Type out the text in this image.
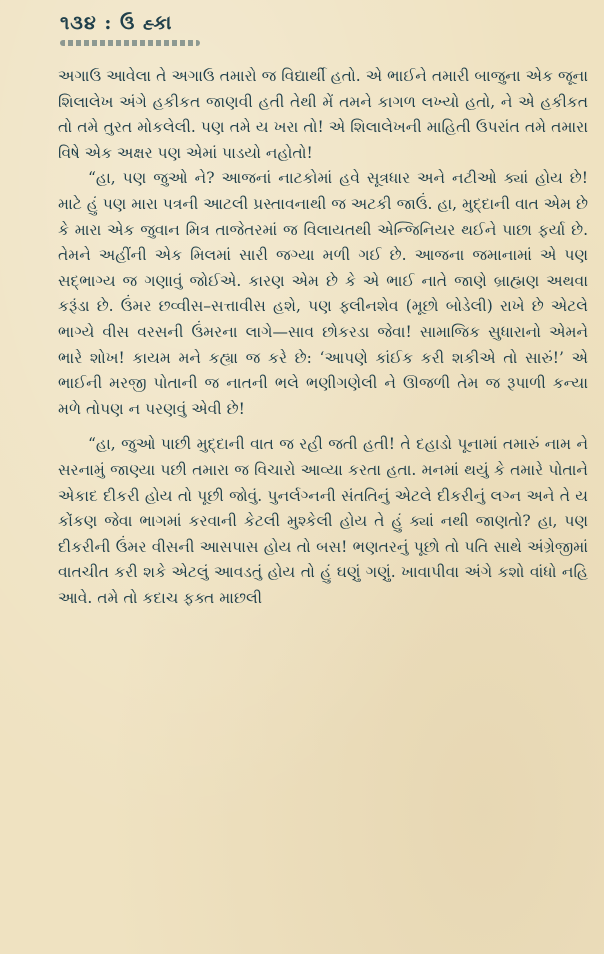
૧૩૪ : ઉ હ્કા

અગાઉ આવેલા તે અગાઉ તમારો જ વિદ્યાર્થી હતો. એ ભાઈને તમારી બાજુના એક જૂના શિલાલેખ અંગે હકીકત જાણવી હતી તેથી મેં તમને કાગળ લખ્યો હતો, ને એ હકીકત તો તમે તુરત મોકલેલી. પણ તમે ય ખરા તો! એ શિલાલેખની માહિતી ઉપરાંત તમે તમારા વિષે એક અક્ષર પણ એમાં પાડયો નહોતો!

“હા, પણ જુઓ ને? આજનાં નાટકોમાં હવે સૂત્રધાર અને નટીઓ ક્યાં હોય છે! માટે હું પણ મારા પત્રની આટલી પ્રસ્તાવનાથી જ અટકી જાઉં. હા, મુદ્દાની વાત એમ છે કે મારા એક જુવાન મિત્ર તાજેતરમાં જ વિલાયતથી એન્જિનિયર થઈને પાછા ફર્યા છે. તેમને અહીંની એક મિલમાં સારી જગ્યા મળી ગઈ છે. આજના જમાનામાં એ પણ સદ્ભાગ્ય જ ગણાવું જોઈએ. કારણ એમ છે કે એ ભાઈ નાતે જાણે બ્રાહ્મણ અથવા કરૂંડા છે. ઉંમર છવ્વીસ–સત્તાવીસ હશે, પણ ફ્લીનશેવ (મૂછો બોડેલી) રાખે છે એટલે ભાગ્યે વીસ વરસની ઉંમરના લાગે—સાવ છોકરડા જેવા! સામાજિક સુધારાનો એમને ભારે શોખ! કાયમ મને કહ્યા જ કરે છે: ‘આપણે કાંઈક કરી શકીએ તો સારું!’ એ ભાઈની મરજી પોતાની જ નાતની ભલે ભણીગણેલી ને ઊજળી તેમ જ રૂપાળી કન્યા મળે તોપણ ન પરણવું એવી છે!

“હા, જુઓ પાછી મુદ્દાની વાત જ રહી જતી હતી! તે દહાડો પૂનામાં તમારું નામ ને સરનામું જાણ્યા પછી તમારા જ વિચારો આવ્યા કરતા હતા. મનમાં થયું કે તમારે પોતાને એકાદ દીકરી હોય તો પૂછી જોવું. પુનર્લગ્નની સંતતિનું એટલે દીકરીનું લગ્ન અને તે ય કોંકણ જેવા ભાગમાં કરવાની કેટલી મુશ્કેલી હોય તે હું ક્યાં નથી જાણતો? હા, પણ દીકરીની ઉંમર વીસની આસપાસ હોય તો બસ! ભણતરનું પૂછો તો પતિ સાથે અંગ્રેજીમાં વાતચીત કરી શકે એટલું આવડતું હોય તો હું ઘણું ગણું. ખાવાપીવા અંગે કશો વાંધો નહિ આવે. તમે તો કદાચ ફક્ત માછલી
